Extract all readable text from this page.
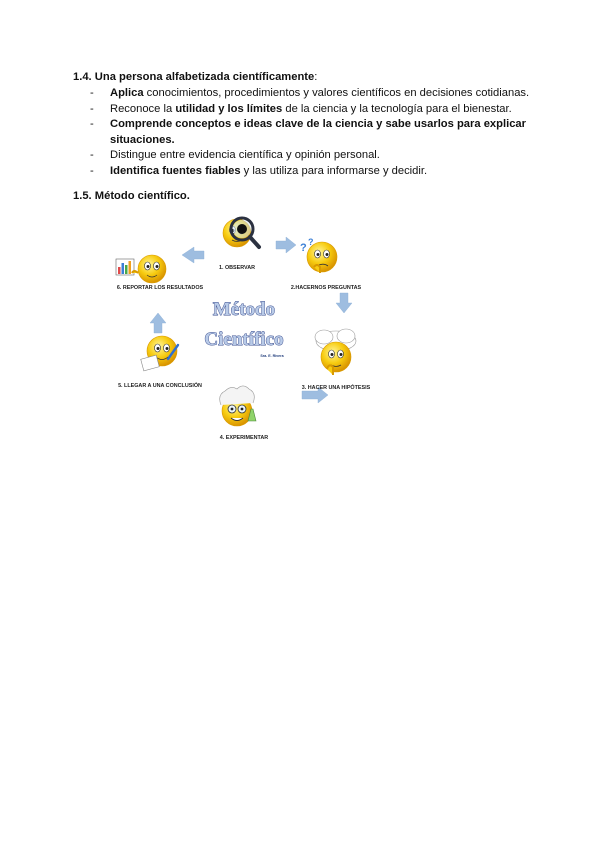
1.4. Una persona alfabetizada científicamente:
- Aplica conocimientos, procedimientos y valores científicos en decisiones cotidianas.
- Reconoce la utilidad y los límites de la ciencia y la tecnología para el bienestar.
- Comprende conceptos e ideas clave de la ciencia y sabe usarlos para explicar situaciones.
- Distingue entre evidencia científica y opinión personal.
- Identifica fuentes fiables y las utiliza para informarse y decidir.
1.5. Método científico.
? ?
1. OBSERVAR
2.HACERNOS PREGUNTAS
3. HACER UNA HIPÓTESIS
4. EXPERIMENTAR
5. LLEGAR A UNA CONCLUSIÓN
6. REPORTAR LOS RESULTADOS
Método
Científico
Sra. E. Rivera
